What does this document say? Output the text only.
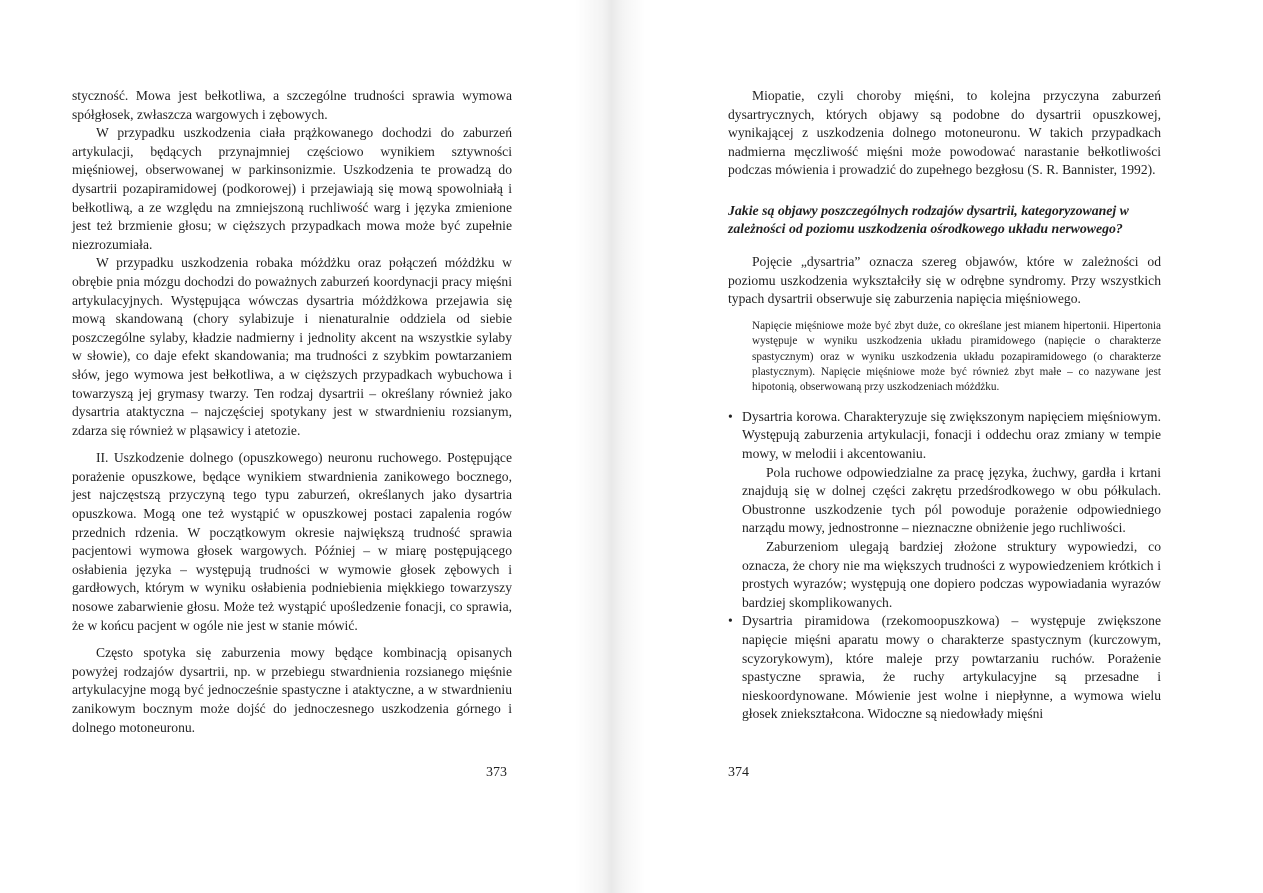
styczność. Mowa jest bełkotliwa, a szczególne trudności sprawia wymowa spółgłosek, zwłaszcza wargowych i zębowych.

W przypadku uszkodzenia ciała prążkowanego dochodzi do zaburzeń artykulacji, będących przynajmniej częściowo wynikiem sztywności mięśniowej, obserwowanej w parkinsonizmie. Uszkodzenia te prowadzą do dysartrii pozapiramidowej (podkorowej) i przejawiają się mową spowolniałą i bełkotliwą, a ze względu na zmniejszoną ruchliwość warg i języka zmienione jest też brzmienie głosu; w cięższych przypadkach mowa może być zupełnie niezrozumiała.

W przypadku uszkodzenia robaka móżdżku oraz połączeń móżdżku w obrębie pnia mózgu dochodzi do poważnych zaburzeń koordynacji pracy mięśni artykulacyjnych. Występująca wówczas dysartria móżdżkowa przejawia się mową skandowaną (chory sylabizuje i nienaturalnie oddziela od siebie poszczególne sylaby, kładzie nadmierny i jednolity akcent na wszystkie sylaby w słowie), co daje efekt skandowania; ma trudności z szybkim powtarzaniem słów, jego wymowa jest bełkotliwa, a w cięższych przypadkach wybuchowa i towarzyszą jej grymasy twarzy. Ten rodzaj dysartrii – określany również jako dysartria ataktyczna – najczęściej spotykany jest w stwardnieniu rozsianym, zdarza się również w pląsawicy i atetozie.

II. Uszkodzenie dolnego (opuszkowego) neuronu ruchowego. Postępujące porażenie opuszkowe, będące wynikiem stwardnienia zanikowego bocznego, jest najczęstszą przyczyną tego typu zaburzeń, określanych jako dysartria opuszkowa. Mogą one też wystąpić w opuszkowej postaci zapalenia rogów przednich rdzenia. W początkowym okresie największą trudność sprawia pacjentowi wymowa głosek wargowych. Później – w miarę postępującego osłabienia języka – występują trudności w wymowie głosek zębowych i gardłowych, którym w wyniku osłabienia podniebienia miękkiego towarzyszy nosowe zabarwienie głosu. Może też wystąpić upośledzenie fonacji, co sprawia, że w końcu pacjent w ogóle nie jest w stanie mówić.

Często spotyka się zaburzenia mowy będące kombinacją opisanych powyżej rodzajów dysartrii, np. w przebiegu stwardnienia rozsianego mięśnie artykulacyjne mogą być jednocześnie spastyczne i ataktyczne, a w stwardnieniu zanikowym bocznym może dojść do jednoczesnego uszkodzenia górnego i dolnego motoneuronu.

373

Miopatie, czyli choroby mięśni, to kolejna przyczyna zaburzeń dysartrycznych, których objawy są podobne do dysartrii opuszkowej, wynikającej z uszkodzenia dolnego motoneuronu. W takich przypadkach nadmierna męczliwość mięśni może powodować narastanie bełkotliwości podczas mówienia i prowadzić do zupełnego bezgłosu (S. R. Bannister, 1992).

Jakie są objawy poszczególnych rodzajów dysartrii, kategoryzowanej w zależności od poziomu uszkodzenia ośrodkowego układu nerwowego?

Pojęcie „dysartria” oznacza szereg objawów, które w zależności od poziomu uszkodzenia wykształciły się w odrębne syndromy. Przy wszystkich typach dysartrii obserwuje się zaburzenia napięcia mięśniowego.

Napięcie mięśniowe może być zbyt duże, co określane jest mianem hipertonii. Hipertonia występuje w wyniku uszkodzenia układu piramidowego (napięcie o charakterze spastycznym) oraz w wyniku uszkodzenia układu pozapiramidowego (o charakterze plastycznym). Napięcie mięśniowe może być również zbyt małe – co nazywane jest hipotonią, obserwowaną przy uszkodzeniach móżdżku.
• Dysartria korowa. Charakteryzuje się zwiększonym napięciem mięśniowym. Występują zaburzenia artykulacji, fonacji i oddechu oraz zmiany w tempie mowy, w melodii i akcentowaniu.

Pola ruchowe odpowiedzialne za pracę języka, żuchwy, gardła i krtani znajdują się w dolnej części zakrętu przedśrodkowego w obu półkulach. Obustronne uszkodzenie tych pól powoduje porażenie odpowiedniego narządu mowy, jednostronne – nieznaczne obniżenie jego ruchliwości.

Zaburzeniom ulegają bardziej złożone struktury wypowiedzi, co oznacza, że chory nie ma większych trudności z wypowiedzeniem krótkich i prostych wyrazów; występują one dopiero podczas wypowiadania wyrazów bardziej skomplikowanych.

• Dysartria piramidowa (rzekomoopuszkowa) – występuje zwiększone napięcie mięśni aparatu mowy o charakterze spastycznym (kurczowym, scyzorykowym), które maleje przy powtarzaniu ruchów. Porażenie spastyczne sprawia, że ruchy artykulacyjne są przesadne i nieskoordynowane. Mówienie jest wolne i niepłynne, a wymowa wielu głosek zniekształcona. Widoczne są niedowłady mięśni

374
